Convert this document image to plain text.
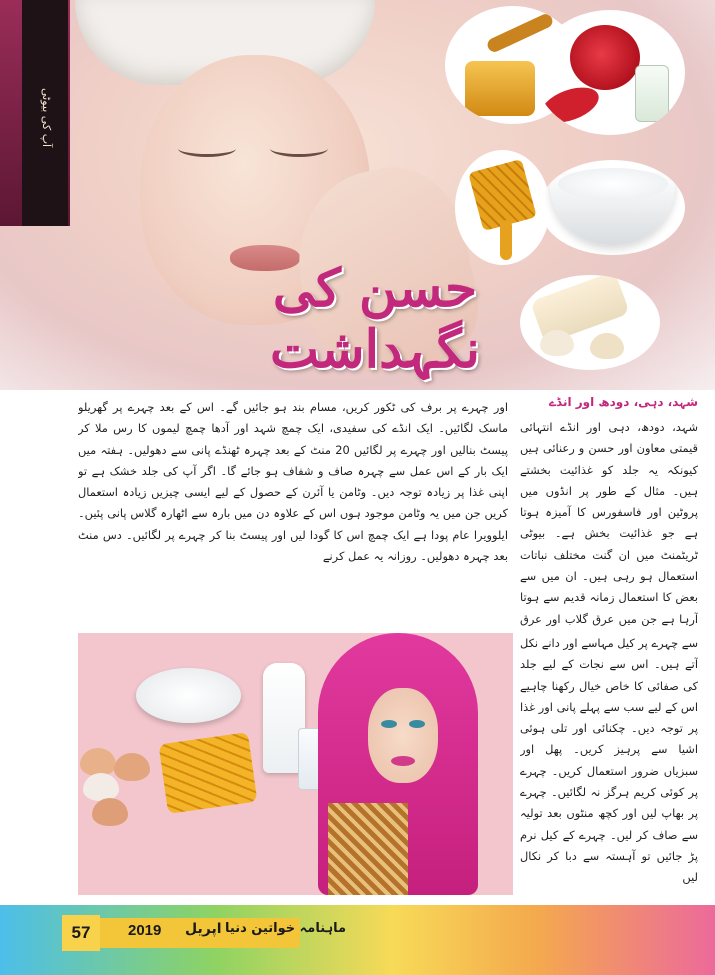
آپ کی بیوٹی
حسن کی نگہداشت
شہد، دہی، دودھ اور انڈے
شہد، دودھ، دہی اور انڈے انتہائی قیمتی معاون اور حسن و رعنائی ہیں کیونکہ یہ جلد کو غذائیت بخشتے ہیں۔ مثال کے طور پر انڈوں میں پروٹین اور فاسفورس کا آمیزہ ہوتا ہے جو غذائیت بخش ہے۔ بیوٹی ٹریٹمنٹ میں ان گنت مختلف نباتات استعمال ہو رہی ہیں۔ ان میں سے بعض کا استعمال زمانہ قدیم سے ہوتا آرہا ہے جن میں عرق گلاب اور عرق
سے چہرے پر کیل مہاسے اور دانے نکل آتے ہیں۔ اس سے نجات کے لیے جلد کی صفائی کا خاص خیال رکھنا چاہیے اس کے لیے سب سے پہلے پانی اور غذا پر توجہ دیں۔ چکنائی اور تلی ہوئی اشیا سے پرہیز کریں۔ پھل اور سبزیاں ضرور استعمال کریں۔ چہرے پر کوئی کریم ہرگز نہ لگائیں۔ چہرے پر بھاپ لیں اور کچھ منٹوں بعد تولیہ سے صاف کر لیں۔ چہرے کے کیل نرم پڑ جائیں تو آہستہ سے دبا کر نکال لیں
اور چہرے پر برف کی ٹکور کریں، مسام بند ہو جائیں گے۔ اس کے بعد چہرے پر گھریلو ماسک لگائیں۔ ایک انڈے کی سفیدی، ایک چمچ شہد اور آدھا چمچ لیموں کا رس ملا کر پیسٹ بنالیں اور چہرے پر لگائیں 20 منٹ کے بعد چہرہ ٹھنڈے پانی سے دھولیں۔ ہفتہ میں ایک بار کے اس عمل سے چہرہ صاف و شفاف ہو جائے گا۔ اگر آپ کی جلد خشک ہے تو اپنی غذا پر زیادہ توجہ دیں۔ وٹامن یا آئرن کے حصول کے لیے ایسی چیزیں زیادہ استعمال کریں جن میں یہ وٹامن موجود ہوں اس کے علاوہ دن میں بارہ سے اٹھارہ گلاس پانی پئیں۔ ایلوویرا عام پودا ہے ایک چمچ اس کا گودا لیں اور پیسٹ بنا کر چہرے پر لگائیں۔ دس منٹ بعد چہرہ دھولیں۔ روزانہ یہ عمل کرنے
57	2019 اپریل ماہنامہ خواتین دنیا
